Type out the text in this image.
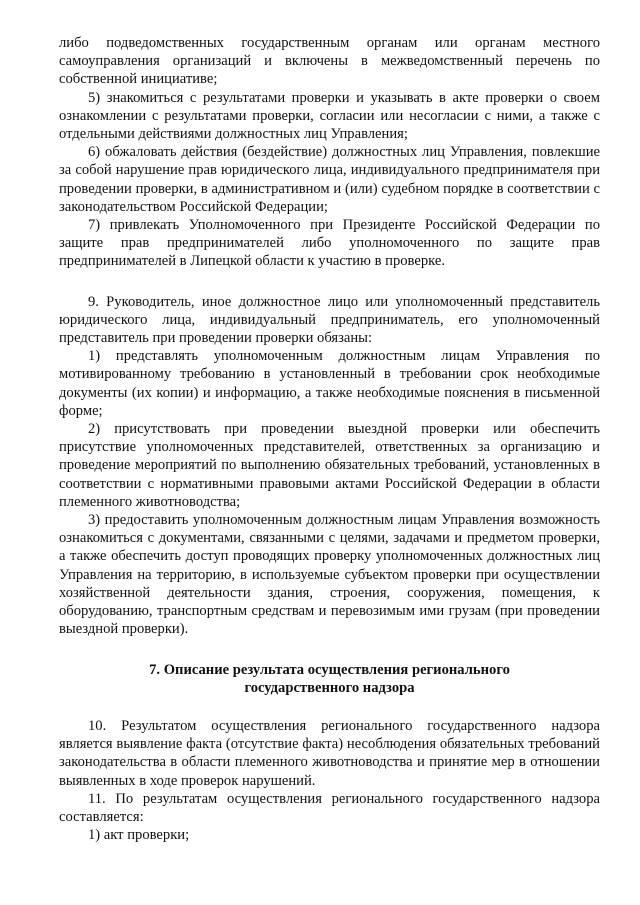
либо подведомственных государственным органам или органам местного самоуправления организаций и включены в межведомственный перечень по собственной инициативе;

5) знакомиться с результатами проверки и указывать в акте проверки о своем ознакомлении с результатами проверки, согласии или несогласии с ними, а также с отдельными действиями должностных лиц Управления;

6) обжаловать действия (бездействие) должностных лиц Управления, повлекшие за собой нарушение прав юридического лица, индивидуального предпринимателя при проведении проверки, в административном и (или) судебном порядке в соответствии с законодательством Российской Федерации;

7) привлекать Уполномоченного при Президенте Российской Федерации по защите прав предпринимателей либо уполномоченного по защите прав предпринимателей в Липецкой области к участию в проверке.

9. Руководитель, иное должностное лицо или уполномоченный представитель юридического лица, индивидуальный предприниматель, его уполномоченный представитель при проведении проверки обязаны:

1) представлять уполномоченным должностным лицам Управления по мотивированному требованию в установленный в требовании срок необходимые документы (их копии) и информацию, а также необходимые пояснения в письменной форме;

2) присутствовать при проведении выездной проверки или обеспечить присутствие уполномоченных представителей, ответственных за организацию и проведение мероприятий по выполнению обязательных требований, установленных в соответствии с нормативными правовыми актами Российской Федерации в области племенного животноводства;

3) предоставить уполномоченным должностным лицам Управления возможность ознакомиться с документами, связанными с целями, задачами и предметом проверки, а также обеспечить доступ проводящих проверку уполномоченных должностных лиц Управления на территорию, в используемые субъектом проверки при осуществлении хозяйственной деятельности здания, строения, сооружения, помещения, к оборудованию, транспортным средствам и перевозимым ими грузам (при проведении выездной проверки).

7. Описание результата осуществления регионального

государственного надзора

10. Результатом осуществления регионального государственного надзора является выявление факта (отсутствие факта) несоблюдения обязательных требований законодательства в области племенного животноводства и принятие мер в отношении выявленных в ходе проверок нарушений.

11. По результатам осуществления регионального государственного надзора составляется:

1) акт проверки;
